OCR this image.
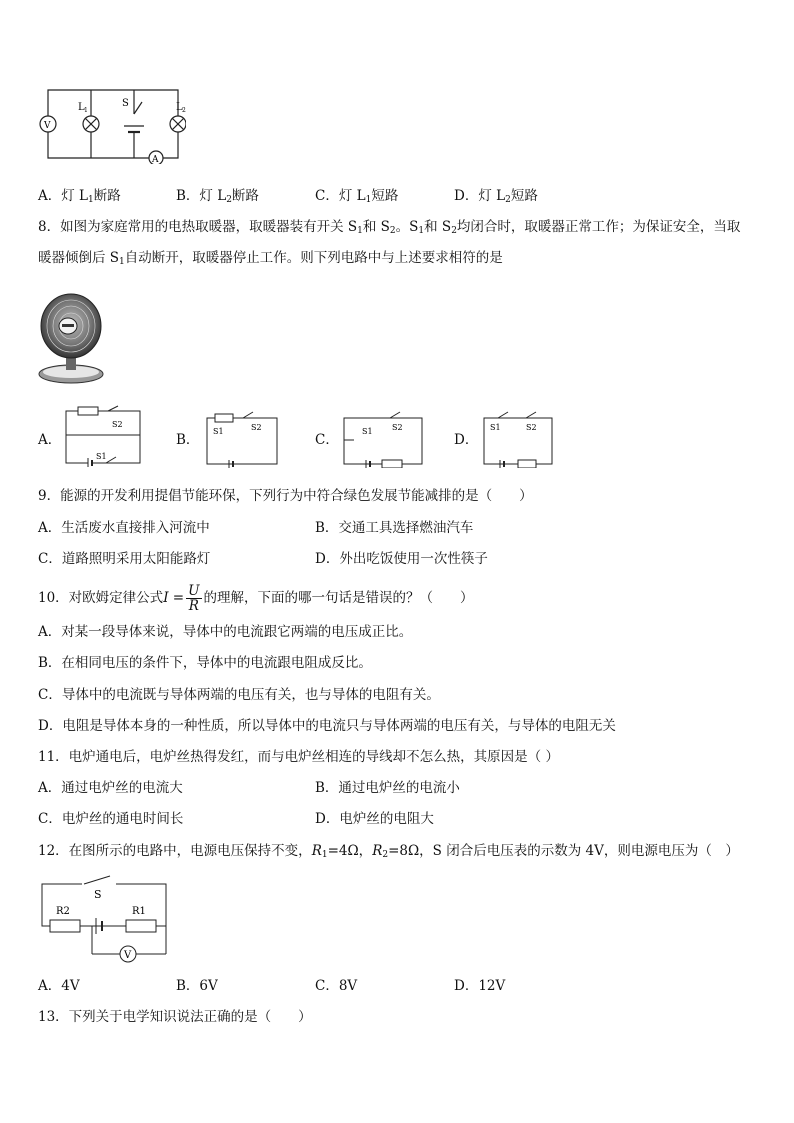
V
A
L 1
S	L 2
A．灯 $L_1$断路	B．灯 $L_2$断路	C．灯 $L_1$短路	D．灯 $L_2$短路
8．如图为家庭常用的电热取暖器，取暖器装有开关 $S_1$和 $S_2$。$S_1$和 $S_2$均闭合时，取暖器正常工作；为保证安全，当取
暖器倾倒后 $S_1$自动断开，取暖器停止工作。则下列电路中与上述要求相符的是
A．
S2
S1
B．
S1	S2
C．
S1 S2
D．
S1	S2
9．能源的开发利用提倡节能环保，下列行为中符合绿色发展节能减排的是（　　）
A．生活废水直接排入河流中	B．交通工具选择燃油汽车
C．道路照明采用太阳能路灯	D．外出吃饭使用一次性筷子
10．对欧姆定律公式$I = \frac{U}{R}$ 的理解，下面的哪一句话是错误的？（　　）
A．对某一段导体来说，导体中的电流跟它两端的电压成正比。
B．在相同电压的条件下，导体中的电流跟电阻成反比。
C．导体中的电流既与导体两端的电压有关，也与导体的电阻有关。
D．电阻是导体本身的一种性质，所以导体中的电流只与导体两端的电压有关，与导体的电阻无关
11．电炉通电后，电炉丝热得发红，而与电炉丝相连的导线却不怎么热，其原因是（ ）
A．通过电炉丝的电流大	B．通过电炉丝的电流小
C．电炉丝的通电时间长	D．电炉丝的电阻大
12．在图所示的电路中，电源电压保持不变，$R_1=4\Omega$，$R_2=8\Omega$，S 闭合后电压表的示数为 4V，则电源电压为（　）
S
R2	R1
V
A．4V	B．6V	C．8V	D．12V
13．下列关于电学知识说法正确的是（　　）
